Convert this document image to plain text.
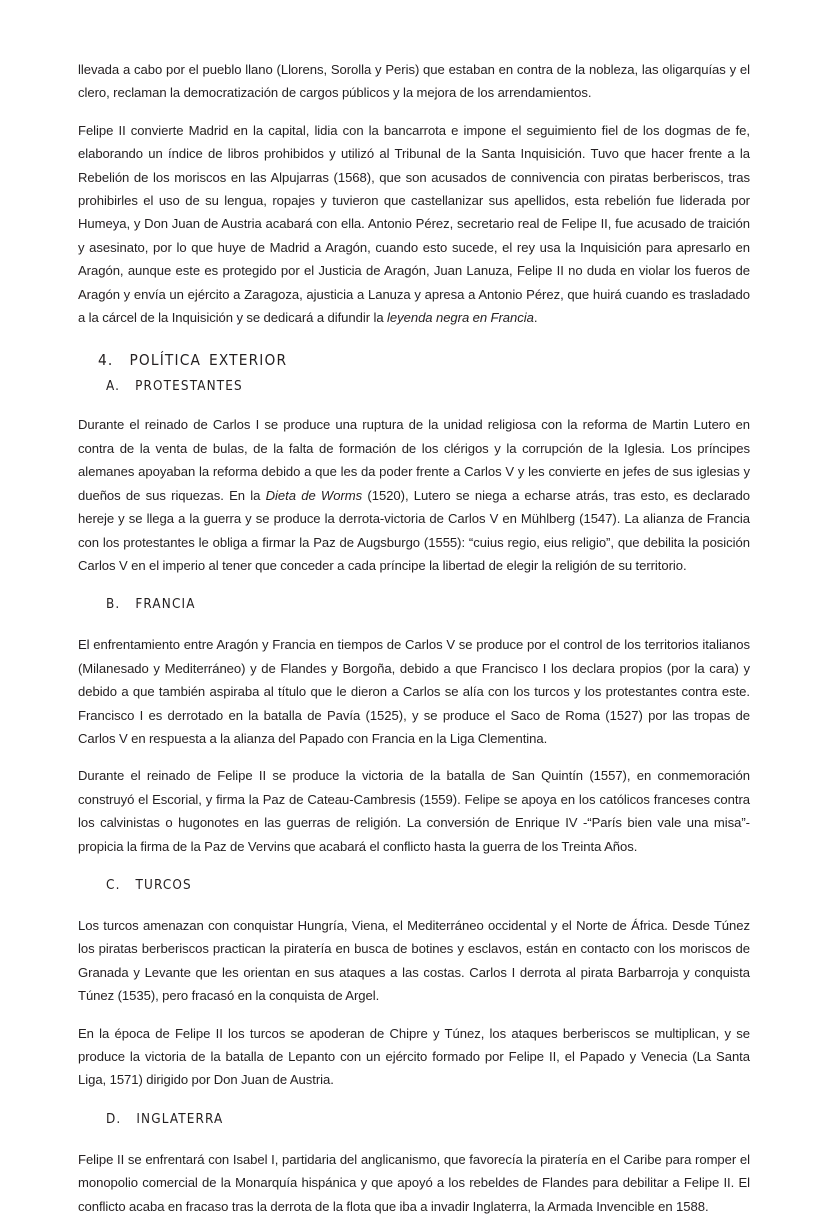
llevada a cabo por el pueblo llano (Llorens, Sorolla y Peris) que estaban en contra de la nobleza, las oligarquías y el clero, reclaman la democratización de cargos públicos y la mejora de los arrendamientos.

Felipe II convierte Madrid en la capital, lidia con la bancarrota e impone el seguimiento fiel de los dogmas de fe, elaborando un índice de libros prohibidos y utilizó al Tribunal de la Santa Inquisición. Tuvo que hacer frente a la Rebelión de los moriscos en las Alpujarras (1568), que son acusados de connivencia con piratas berberiscos, tras prohibirles el uso de su lengua, ropajes y tuvieron que castellanizar sus apellidos, esta rebelión fue liderada por Humeya, y Don Juan de Austria acabará con ella. Antonio Pérez, secretario real de Felipe II, fue acusado de traición y asesinato, por lo que huye de Madrid a Aragón, cuando esto sucede, el rey usa la Inquisición para apresarlo en Aragón, aunque este es protegido por el Justicia de Aragón, Juan Lanuza, Felipe II no duda en violar los fueros de Aragón y envía un ejército a Zaragoza, ajusticia a Lanuza y apresa a Antonio Pérez, que huirá cuando es trasladado a la cárcel de la Inquisición y se dedicará a difundir la leyenda negra en Francia.

4. POLÍTICA EXTERIOR
A. PROTESTANTES

Durante el reinado de Carlos I se produce una ruptura de la unidad religiosa con la reforma de Martin Lutero en contra de la venta de bulas, de la falta de formación de los clérigos y la corrupción de la Iglesia. Los príncipes alemanes apoyaban la reforma debido a que les da poder frente a Carlos V y les convierte en jefes de sus iglesias y dueños de sus riquezas. En la Dieta de Worms (1520), Lutero se niega a echarse atrás, tras esto, es declarado hereje y se llega a la guerra y se produce la derrota-victoria de Carlos V en Mühlberg (1547). La alianza de Francia con los protestantes le obliga a firmar la Paz de Augsburgo (1555): “cuius regio, eius religio”, que debilita la posición Carlos V en el imperio al tener que conceder a cada príncipe la libertad de elegir la religión de su territorio.

B. FRANCIA

El enfrentamiento entre Aragón y Francia en tiempos de Carlos V se produce por el control de los territorios italianos (Milanesado y Mediterráneo) y de Flandes y Borgoña, debido a que Francisco I los declara propios (por la cara) y debido a que también aspiraba al título que le dieron a Carlos se alía con los turcos y los protestantes contra este. Francisco I es derrotado en la batalla de Pavía (1525), y se produce el Saco de Roma (1527) por las tropas de Carlos V en respuesta a la alianza del Papado con Francia en la Liga Clementina.

Durante el reinado de Felipe II se produce la victoria de la batalla de San Quintín (1557), en conmemoración construyó el Escorial, y firma la Paz de Cateau-Cambresis (1559). Felipe se apoya en los católicos franceses contra los calvinistas o hugonotes en las guerras de religión. La conversión de Enrique IV -“París bien vale una misa”- propicia la firma de la Paz de Vervins que acabará el conflicto hasta la guerra de los Treinta Años.

C. TURCOS

Los turcos amenazan con conquistar Hungría, Viena, el Mediterráneo occidental y el Norte de África. Desde Túnez los piratas berberiscos practican la piratería en busca de botines y esclavos, están en contacto con los moriscos de Granada y Levante que les orientan en sus ataques a las costas. Carlos I derrota al pirata Barbarroja y conquista Túnez (1535), pero fracasó en la conquista de Argel.

En la época de Felipe II los turcos se apoderan de Chipre y Túnez, los ataques berberiscos se multiplican, y se produce la victoria de la batalla de Lepanto con un ejército formado por Felipe II, el Papado y Venecia (La Santa Liga, 1571) dirigido por Don Juan de Austria.

D. INGLATERRA

Felipe II se enfrentará con Isabel I, partidaria del anglicanismo, que favorecía la piratería en el Caribe para romper el monopolio comercial de la Monarquía hispánica y que apoyó a los rebeldes de Flandes para debilitar a Felipe II. El conflicto acaba en fracaso tras la derrota de la flota que iba a invadir Inglaterra, la Armada Invencible en 1588.
